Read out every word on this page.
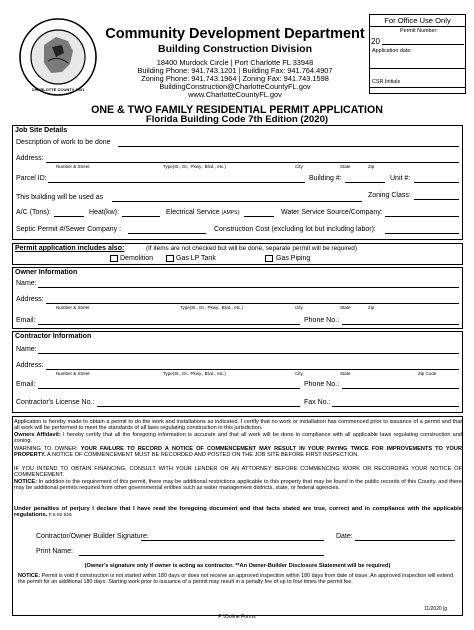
CHARLOTTE COUNTY 1921
Community Development Department
Building Construction Division
18400 Murdock Circle | Port Charlotte FL 33948
Building Phone: 941.743.1201 | Building Fax: 941.764.4907
Zoning Phone: 941.743.1964 | Zoning Fax: 941.743.1598
BuildingConstruction@CharlotteCountyFL.gov
www.CharlotteCountyFL.gov
For Office Use Only
Permit Number:
20
Application date:
CSR Initials
ONE & TWO FAMILY RESIDENTIAL PERMIT APPLICATION
Florida Building Code 7th Edition (2020)
Job Site Details
Description of work to be done
Address:
Number & Street	Type(St., Dr., Pkwy., Blvd., etc.)	City	State	Zip
Parcel ID:	Building #:	Unit #:
Zoning Class:
This building will be used as
A/C (Tons):	Heat(kw):	Electrical Service (AMPS):	Water Service Source/Company:
Septic Permit #/Sewer Company :	Construction Cost (excluding lot but including labor):
Permit application includes also:	(If items are not checked but will be done, separate permit will be required)
Demolition	Gas LP Tank	Gas Piping
Owner Information
Name:
Address:
Number & Street	Type(St., Dr., Pkwy., Blvd., etc.)	City	State	Zip
Email:	Phone No.:
Contractor Information
Name:
Address:
Number & Street	Type(St., Dr., Pkwy., Blvd., etc.)	City	State	Zip Code
Email:	Phone No.:
Contractor's License No.:	Fax No.:
Application is hereby made to obtain a permit to do the work and installations as indicated. I certify that no work or installation has commenced prior to issuance of a permit and that all work will be performed to meet the standards of all laws regulating construction in this jurisdiction.
Owners Affidavit: I hereby certify that all the foregoing information is accurate and that all work will be done in compliance with all applicable laws regulating construction and zoning.
WARNING TO OWNER: YOUR FAILURE TO RECORD A NOTICE OF COMMENCEMENT MAY RESULT IN YOUR PAYING TWICE FOR IMPROVEMENTS TO YOUR PROPERTY. A NOTICE OF COMMENCEMENT MUST BE RECORDED AND POSTED ON THE JOB SITE BEFORE FIRST INSPECTION.
IF YOU INTEND TO OBTAIN FINANCING, CONSULT WITH YOUR LENDER OR AN ATTORNEY BEFORE COMMENCING WORK OR RECORDING YOUR NOTICE OF COMMENCEMENT.
NOTICE: In addition to the requirement of this permit, there may be additional restrictions applicable to this property that may be found in the public records of this County, and there may be additional permits required from other governmental entities such as water management districts, state, or federal agencies.
Under penalties of perjury I declare that I have read the foregoing document and that facts stated are true, correct and in compliance with the applicable regulations. F.S.92.525
Contractor/Owner Builder Signature:	Date:
Print Name:
(Owner's signature only if owner is acting as contractor. **An Owner-Builder Disclosure Statement will be required)
NOTICE: Permit is void if construction is not started within 180 days or does not receive an approved inspection within 180 days from date of issue. An approved inspection will extend the permit for an additional 180 days. Starting work prior to issuance of a permit may result in a penalty fee of up to four times the permit fee.
11/2020 jg
P:\Online Forms
